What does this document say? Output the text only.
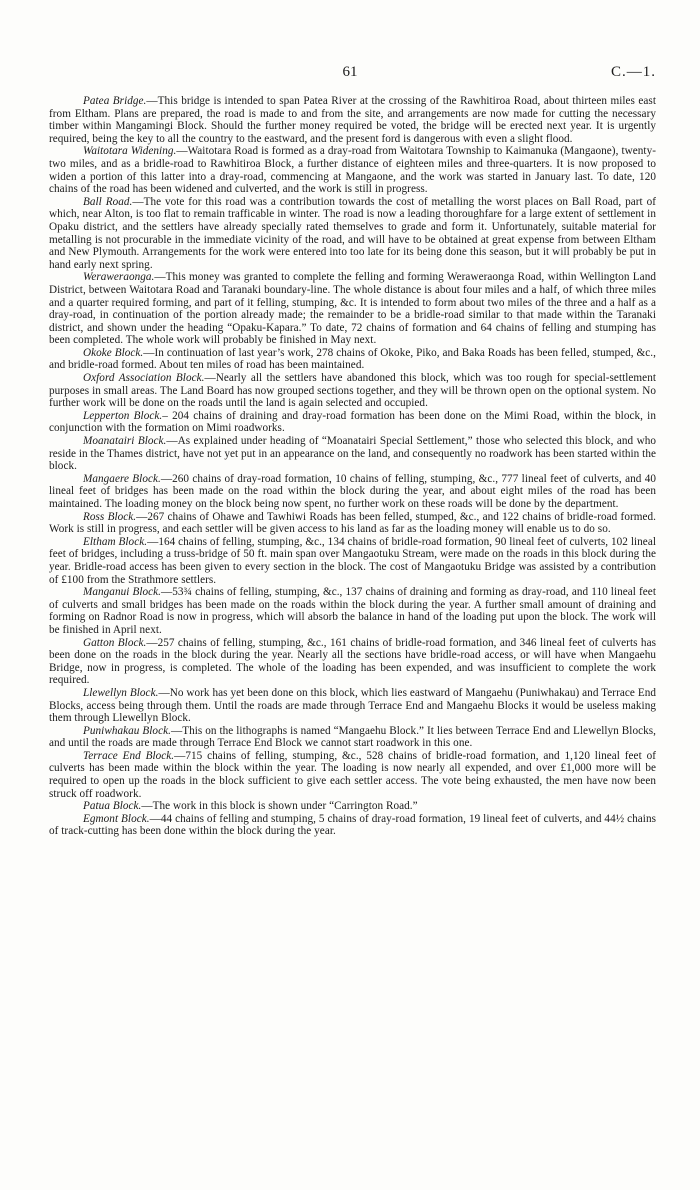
61	C.—1.

Patea Bridge.—This bridge is intended to span Patea River at the crossing of the Rawhitiroa Road, about thirteen miles east from Eltham. Plans are prepared, the road is made to and from the site, and arrangements are now made for cutting the necessary timber within Mangamingi Block. Should the further money required be voted, the bridge will be erected next year. It is urgently required, being the key to all the country to the eastward, and the present ford is dangerous with even a slight flood.

Waitotara Widening.—Waitotara Road is formed as a dray-road from Waitotara Township to Kaimanuka (Mangaone), twenty-two miles, and as a bridle-road to Rawhitiroa Block, a further distance of eighteen miles and three-quarters. It is now proposed to widen a portion of this latter into a dray-road, commencing at Mangaone, and the work was started in January last. To date, 120 chains of the road has been widened and culverted, and the work is still in progress.

Ball Road.—The vote for this road was a contribution towards the cost of metalling the worst places on Ball Road, part of which, near Alton, is too flat to remain trafficable in winter. The road is now a leading thoroughfare for a large extent of settlement in Opaku district, and the settlers have already specially rated themselves to grade and form it. Unfortunately, suitable material for metalling is not procurable in the immediate vicinity of the road, and will have to be obtained at great expense from between Eltham and New Plymouth. Arrangements for the work were entered into too late for its being done this season, but it will probably be put in hand early next spring.

Weraweraonga.—This money was granted to complete the felling and forming Weraweraonga Road, within Wellington Land District, between Waitotara Road and Taranaki boundary-line. The whole distance is about four miles and a half, of which three miles and a quarter required forming, and part of it felling, stumping, &c. It is intended to form about two miles of the three and a half as a dray-road, in continuation of the portion already made; the remainder to be a bridle-road similar to that made within the Taranaki district, and shown under the heading “Opaku-Kapara.” To date, 72 chains of formation and 64 chains of felling and stumping has been completed. The whole work will probably be finished in May next.

Okoke Block.—In continuation of last year’s work, 278 chains of Okoke, Piko, and Baka Roads has been felled, stumped, &c., and bridle-road formed. About ten miles of road has been maintained.

Oxford Association Block.—Nearly all the settlers have abandoned this block, which was too rough for special-settlement purposes in small areas. The Land Board has now grouped sections together, and they will be thrown open on the optional system. No further work will be done on the roads until the land is again selected and occupied.

Lepperton Block.– 204 chains of draining and dray-road formation has been done on the Mimi Road, within the block, in conjunction with the formation on Mimi roadworks.

Moanatairi Block.—As explained under heading of “Moanatairi Special Settlement,” those who selected this block, and who reside in the Thames district, have not yet put in an appearance on the land, and consequently no roadwork has been started within the block.

Mangaere Block.—260 chains of dray-road formation, 10 chains of felling, stumping, &c., 777 lineal feet of culverts, and 40 lineal feet of bridges has been made on the road within the block during the year, and about eight miles of the road has been maintained. The loading money on the block being now spent, no further work on these roads will be done by the department.

Ross Block.—267 chains of Ohawe and Tawhiwi Roads has been felled, stumped, &c., and 122 chains of bridle-road formed. Work is still in progress, and each settler will be given access to his land as far as the loading money will enable us to do so.

Eltham Block.—164 chains of felling, stumping, &c., 134 chains of bridle-road formation, 90 lineal feet of culverts, 102 lineal feet of bridges, including a truss-bridge of 50 ft. main span over Mangaotuku Stream, were made on the roads in this block during the year. Bridle-road access has been given to every section in the block. The cost of Mangaotuku Bridge was assisted by a contribution of £100 from the Strathmore settlers.

Manganui Block.—53¾ chains of felling, stumping, &c., 137 chains of draining and forming as dray-road, and 110 lineal feet of culverts and small bridges has been made on the roads within the block during the year. A further small amount of draining and forming on Radnor Road is now in progress, which will absorb the balance in hand of the loading put upon the block. The work will be finished in April next.

Gatton Block.—257 chains of felling, stumping, &c., 161 chains of bridle-road formation, and 346 lineal feet of culverts has been done on the roads in the block during the year. Nearly all the sections have bridle-road access, or will have when Mangaehu Bridge, now in progress, is completed. The whole of the loading has been expended, and was insufficient to complete the work required.

Llewellyn Block.—No work has yet been done on this block, which lies eastward of Mangaehu (Puniwhakau) and Terrace End Blocks, access being through them. Until the roads are made through Terrace End and Mangaehu Blocks it would be useless making them through Llewellyn Block.

Puniwhakau Block.—This on the lithographs is named “Mangaehu Block.” It lies between Terrace End and Llewellyn Blocks, and until the roads are made through Terrace End Block we cannot start roadwork in this one.

Terrace End Block.—715 chains of felling, stumping, &c., 528 chains of bridle-road formation, and 1,120 lineal feet of culverts has been made within the block within the year. The loading is now nearly all expended, and over £1,000 more will be required to open up the roads in the block sufficient to give each settler access. The vote being exhausted, the men have now been struck off roadwork.

Patua Block.—The work in this block is shown under “Carrington Road.”

Egmont Block.—44 chains of felling and stumping, 5 chains of dray-road formation, 19 lineal feet of culverts, and 44½ chains of track-cutting has been done within the block during the year.
